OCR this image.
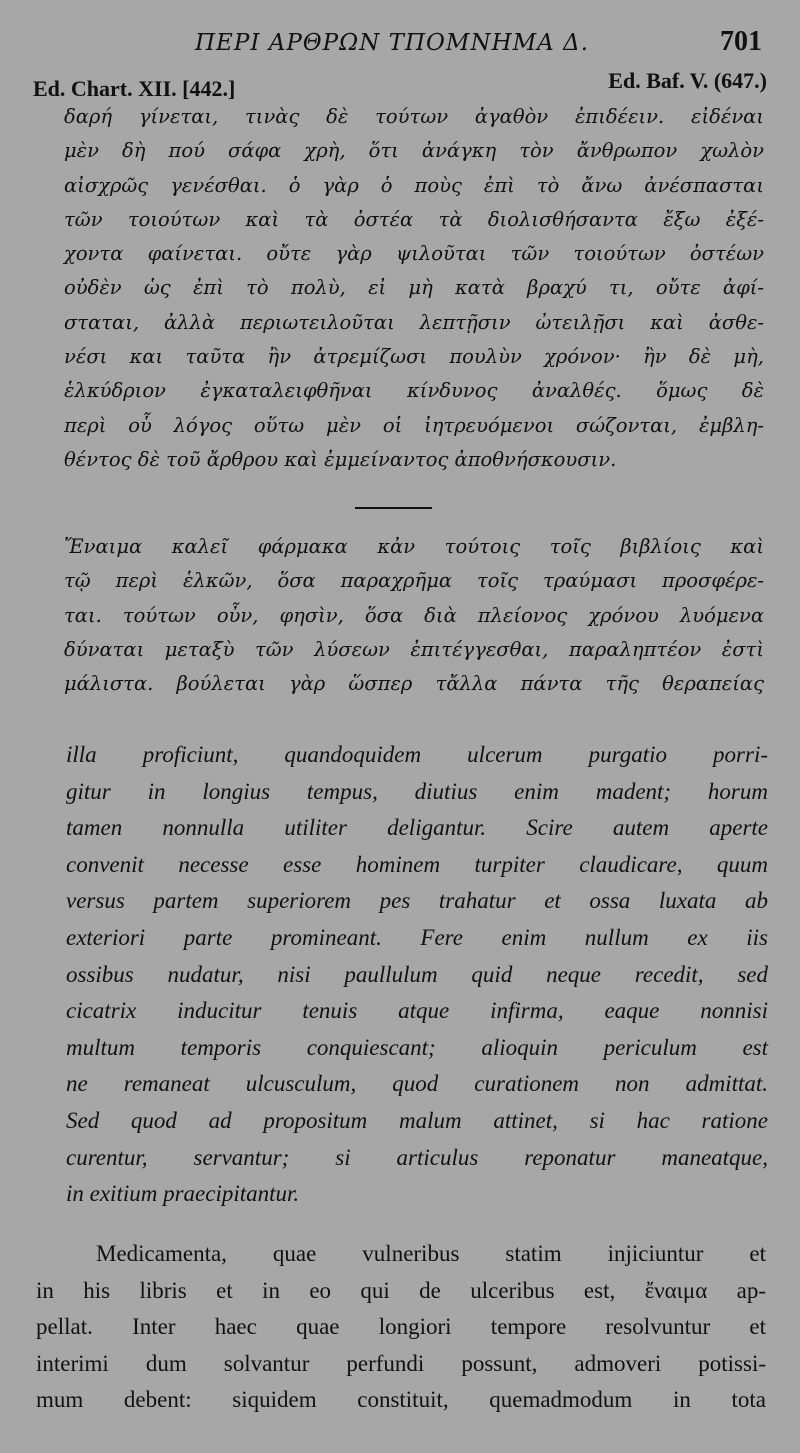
ΠΕΡΙ ΑΡΘΡΩΝ ΤΠΟΜΝΗΜΑ Δ.	701
Ed. Chart. XII. [442.]	Ed. Baf. V. (647.)
δαρή γίνεται, τινὰς δὲ τούτων ἀγαθὸν ἐπιδέειν. εἰδέναι
μὲν δὴ πού σάφα χρὴ, ὅτι ἀνάγκη τὸν ἄνθρωπον χωλὸν
αἰσχρῶς γενέσθαι. ὁ γὰρ ὁ ποὺς ἐπὶ τὸ ἄνω ἀνέσπασται
τῶν τοιούτων καὶ τὰ ὀστέα τὰ διολισθήσαντα ἔξω ἐξέ-
χοντα φαίνεται. οὔτε γὰρ ψιλοῦται τῶν τοιούτων ὀστέων
οὐδὲν ὡς ἐπὶ τὸ πολὺ, εἰ μὴ κατὰ βραχύ τι, οὔτε ἀφί-
σταται, ἀλλὰ περιωτειλοῦται λεπτῇσιν ὠτειλῇσι καὶ ἀσθε-
νέσι και ταῦτα ἢν ἀτρεμίζωσι πουλὺν χρόνον· ἢν δὲ μὴ,
ἑλκύδριον ἐγκαταλειφθῆναι κίνδυνος ἀναλθές. ὅμως δὲ
περὶ οὗ λόγος οὕτω μὲν οἱ ἰητρευόμενοι σώζονται, ἐμβλη-
θέντος δὲ τοῦ ἄρθρου καὶ ἐμμείναντος ἀποθνήσκουσιν.
Ἔναιμα καλεῖ φάρμακα κἀν τούτοις τοῖς βιβλίοις καὶ
τῷ περὶ ἑλκῶν, ὅσα παραχρῆμα τοῖς τραύμασι προσφέρε-
ται. τούτων οὖν, φησὶν, ὅσα διὰ πλείονος χρόνου λυόμενα
δύναται μεταξὺ τῶν λύσεων ἐπιτέγγεσθαι, παραληπτέον ἐστὶ
μάλιστα. βούλεται γὰρ ὥσπερ τἄλλα πάντα τῆς θεραπείας
illa proficiunt, quandoquidem ulcerum purgatio porri-
gitur in longius tempus, diutius enim madent; horum
tamen nonnulla utiliter deligantur. Scire autem aperte
convenit necesse esse hominem turpiter claudicare, quum
versus partem superiorem pes trahatur et ossa luxata ab
exteriori parte promineant. Fere enim nullum ex iis
ossibus nudatur, nisi paullulum quid neque recedit, sed
cicatrix inducitur tenuis atque infirma, eaque nonnisi
multum temporis conquiescant; alioquin periculum est
ne remaneat ulcusculum, quod curationem non admittat.
Sed quod ad propositum malum attinet, si hac ratione
curentur, servantur; si articulus reponatur maneatque,
in exitium praecipitantur.
Medicamenta, quae vulneribus statim injiciuntur et
in his libris et in eo qui de ulceribus est, ἔναιμα ap-
pellat. Inter haec quae longiori tempore resolvuntur et
interimi dum solvantur perfundi possunt, admoveri potissi-
mum debent: siquidem constituit, quemadmodum in tota
